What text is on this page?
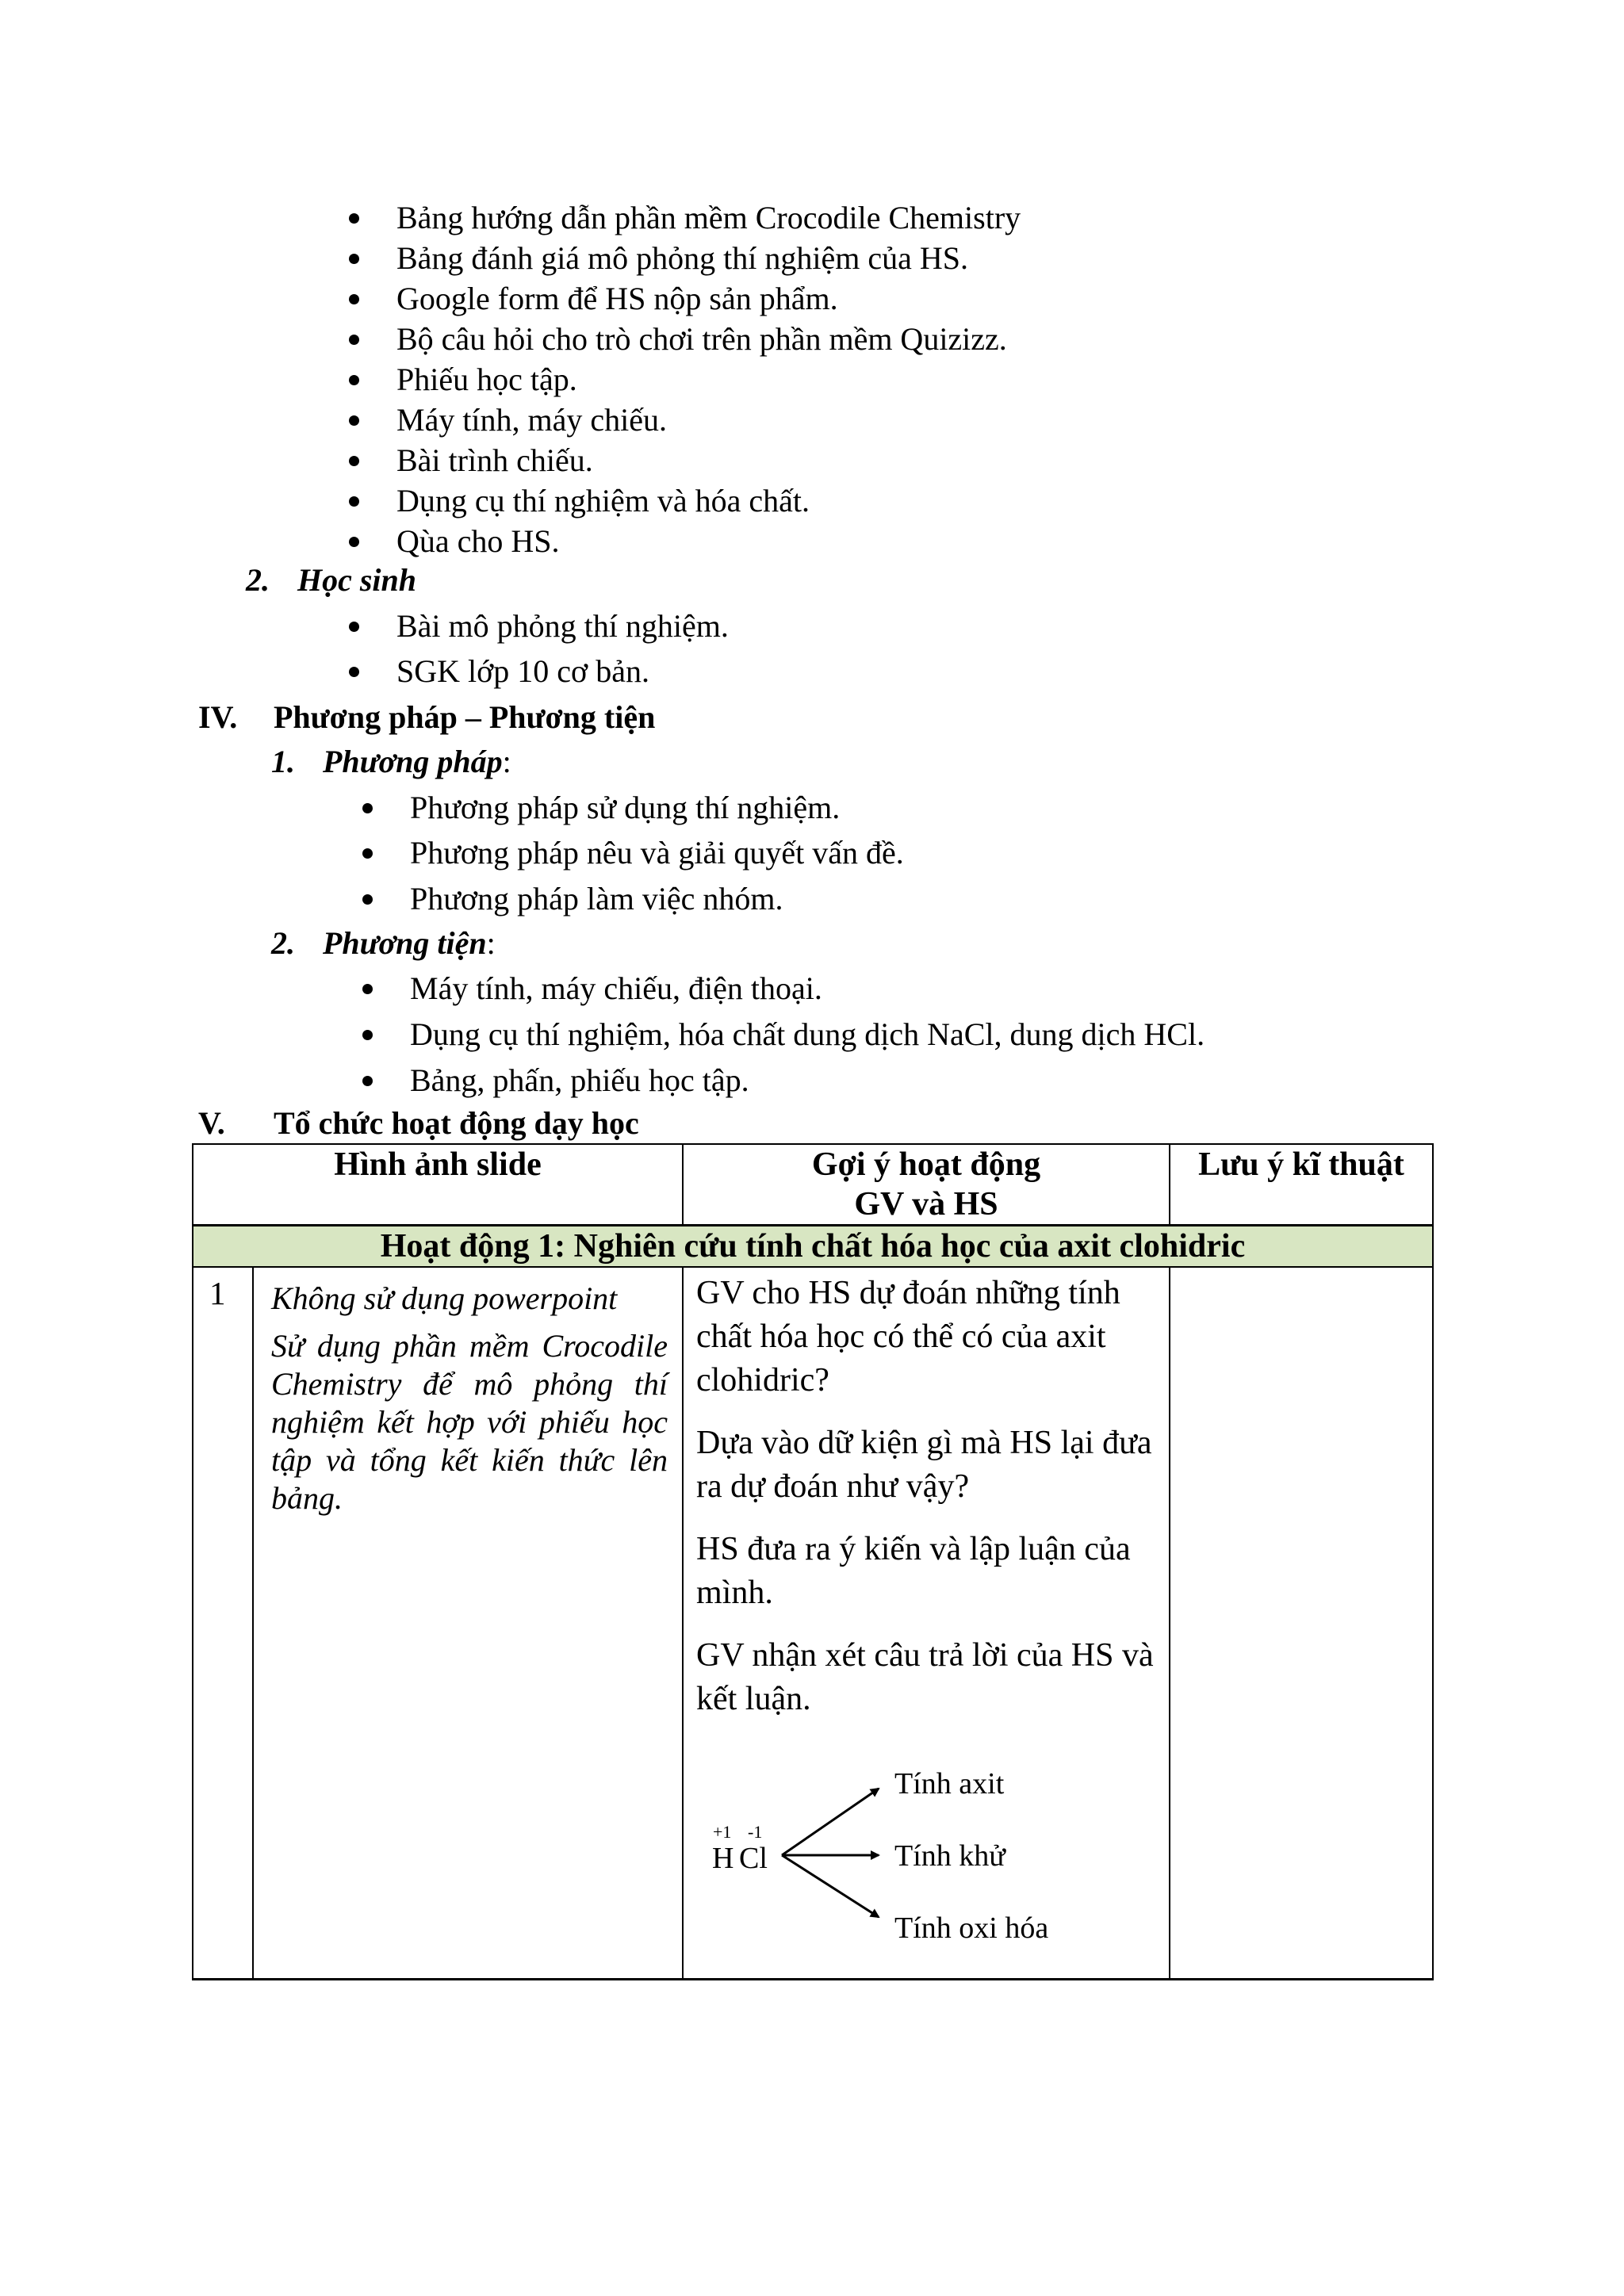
Bảng hướng dẫn phần mềm Crocodile Chemistry
Bảng đánh giá mô phỏng thí nghiệm của HS.
Google form để HS nộp sản phẩm.
Bộ câu hỏi cho trò chơi trên phần mềm Quizizz.
Phiếu học tập.
Máy tính, máy chiếu.
Bài trình chiếu.
Dụng cụ thí nghiệm và hóa chất.
Qùa cho HS.
2. Học sinh
Bài mô phỏng thí nghiệm.
SGK lớp 10 cơ bản.
IV. Phương pháp – Phương tiện
1. Phương pháp:
Phương pháp sử dụng thí nghiệm.
Phương pháp nêu và giải quyết vấn đề.
Phương pháp làm việc nhóm.
2. Phương tiện:
Máy tính, máy chiếu, điện thoại.
Dụng cụ thí nghiệm, hóa chất dung dịch NaCl, dung dịch HCl.
Bảng, phấn, phiếu học tập.
V. Tổ chức hoạt động dạy học
Hình ảnh slide	Gợi ý hoạt động
GV và HS
Lưu ý kĩ thuật
Hoạt động 1: Nghiên cứu tính chất hóa học của axit clohidric
1 Không sử dụng powerpoint

Sử dụng phần mềm Crocodile Chemistry để mô phỏng thí nghiệm kết hợp với phiếu học tập và tổng kết kiến thức lên bảng.

GV cho HS dự đoán những tính chất hóa học có thể có của axit clohidric?

Dựa vào dữ kiện gì mà HS lại đưa ra dự đoán như vậy?

HS đưa ra ý kiến và lập luận của mình.

GV nhận xét câu trả lời của HS và kết luận.

+1 -1
H Cl
Tính axit
Tính khử
Tính oxi hóa
